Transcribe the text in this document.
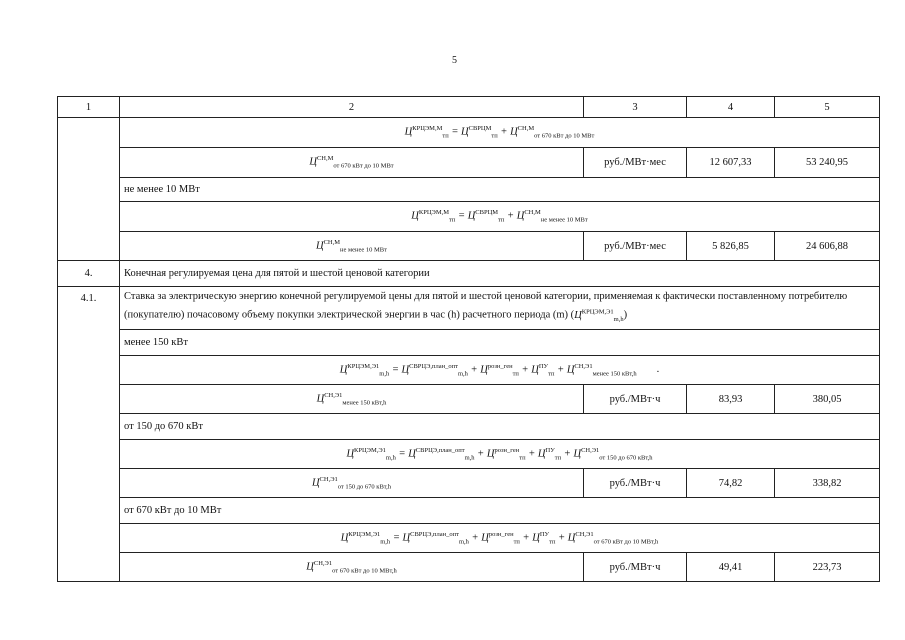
5
1	2	3	4	5
	$Ц^{КРЦЭМ,М}_{тп} = Ц^{СВРЦМ}_{тп} + Ц^{СН,М}_{от 670 кВт до 10 МВт}$
	$Ц^{СН,М}_{от 670 кВт до 10 МВт}$	руб./МВт·мес	12 607,33	53 240,95
	не менее 10 МВт			
	$Ц^{КРЦЭМ,М}_{тп} = Ц^{СВРЦМ}_{тп} + Ц^{СН,М}_{не менее 10 МВт}$
	$Ц^{СН,М}_{не менее 10 МВт}$	руб./МВт·мес	5 826,85	24 606,88
4.	Конечная регулируемая цена для пятой и шестой ценовой категории			
4.1.	Ставка за электрическую энергию конечной регулируемой цены для пятой и шестой ценовой категории, применяемая к фактически поставленному потребителю (покупателю) почасовому объему покупки электрической энергии в час (h) расчетного периода (m) $(Ц^{КРЦЭМ,Э1}_{m,h})$			
	менее 150 кВт			
	$Ц^{КРЦЭМ,Э1}_{m,h} = Ц^{СВРЦЭ,план\_опт}_{m,h} + Ц^{розн\_ген}_{тп} + Ц^{ПУ}_{тп} + Ц^{СН,Э1}_{менее 150 кВт,h}$ .			
	$Ц^{СН,Э1}_{менее 150 кВт,h}$	руб./МВт·ч	83,93	380,05
	от 150 до 670 кВт			
	$Ц^{КРЦЭМ,Э1}_{m,h} = Ц^{СВРЦЭ,план\_опт}_{m,h} + Ц^{розн\_ген}_{тп} + Ц^{ПУ}_{тп} + Ц^{СН,Э1}_{от 150 до 670 кВт,h}$
	$Ц^{СН,Э1}_{от 150 до 670 кВт,h}$	руб./МВт·ч	74,82	338,82
	от 670 кВт до 10 МВт			
	$Ц^{КРЦЭМ,Э1}_{m,h} = Ц^{СВРЦЭ,план\_опт}_{m,h} + Ц^{розн\_ген}_{тп} + Ц^{ПУ}_{тп} + Ц^{СН,Э1}_{от 670 кВт до 10 МВт,h}$
	$Ц^{СН,Э1}_{от 670 кВт до 10 МВт,h}$	руб./МВт·ч	49,41	223,73
